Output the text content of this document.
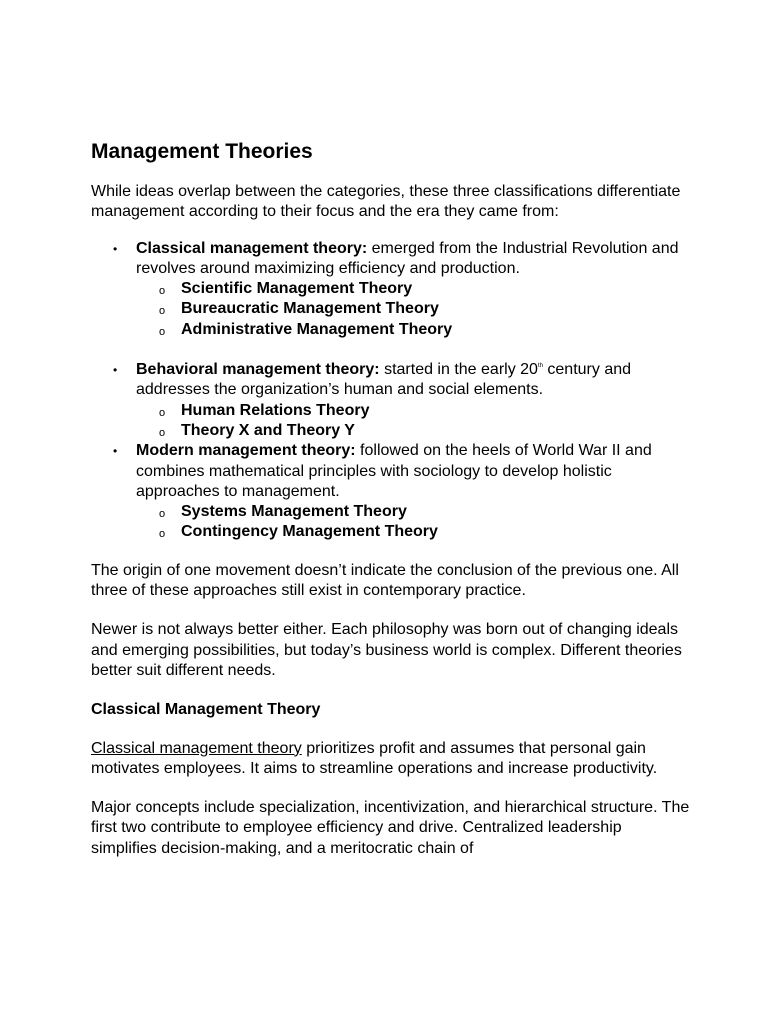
Management Theories

While ideas overlap between the categories, these three classifications differentiate management according to their focus and the era they came from:

• Classical management theory: emerged from the Industrial Revolution and revolves around maximizing efficiency and production.
o Scientific Management Theory
o Bureaucratic Management Theory
o Administrative Management Theory
• Behavioral management theory: started in the early 20th century and addresses the organization’s human and social elements.
o Human Relations Theory
o Theory X and Theory Y
• Modern management theory: followed on the heels of World War II and combines mathematical principles with sociology to develop holistic approaches to management.
o Systems Management Theory
o Contingency Management Theory

The origin of one movement doesn’t indicate the conclusion of the previous one. All three of these approaches still exist in contemporary practice.

Newer is not always better either. Each philosophy was born out of changing ideals and emerging possibilities, but today’s business world is complex. Different theories better suit different needs.

Classical Management Theory

Classical management theory prioritizes profit and assumes that personal gain motivates employees. It aims to streamline operations and increase productivity.

Major concepts include specialization, incentivization, and hierarchical structure. The first two contribute to employee efficiency and drive. Centralized leadership simplifies decision-making, and a meritocratic chain of
